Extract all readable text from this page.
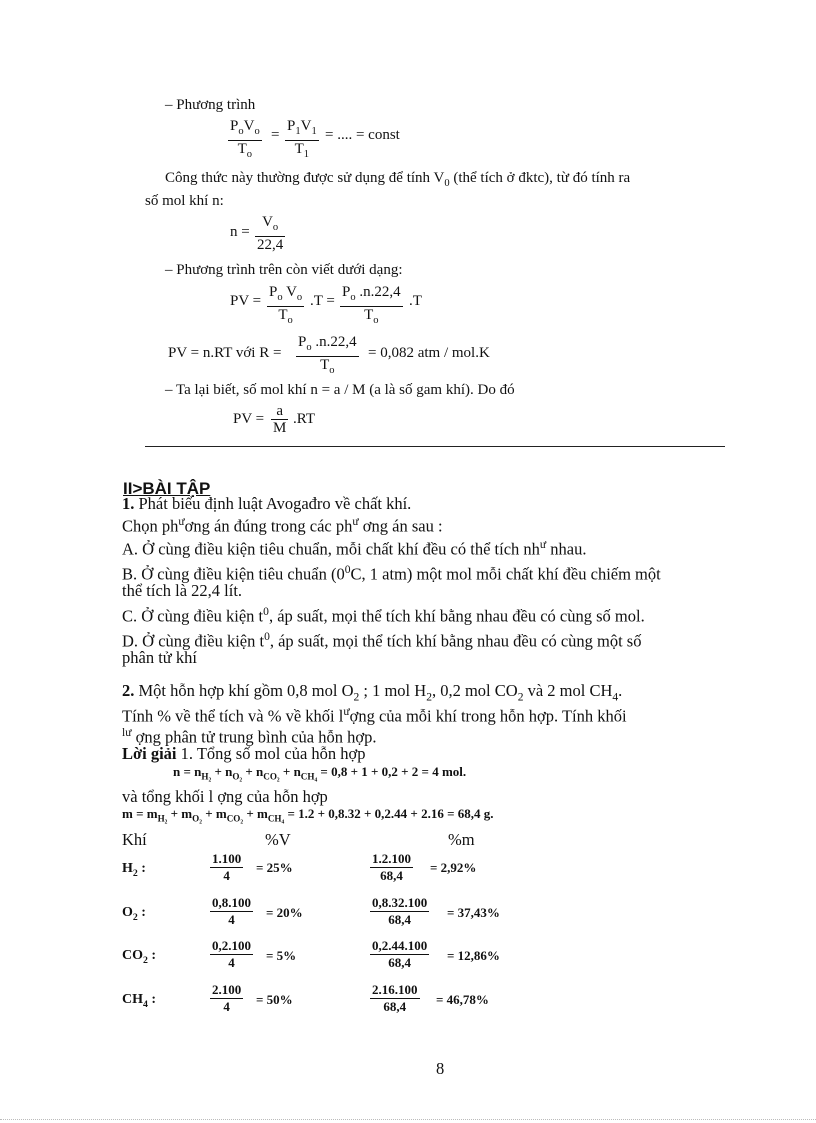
– Phương trình
$P_oV_o$
$T_o$
= $\frac{P_1V_1}{T_1}$ = .... = const
Công thức này thường được sử dụng để tính $V_0$ (thể tích ở đktc), từ đó tính ra
số mol khí n:
$n = \frac{V_o}{22,4}$
– Phương trình trên còn viết dưới dạng:
PV = $\frac{P_o V_o}{T_o} .T = \frac{P_o .n.22,4}{T_o} .T$
PV = n.RT với $R = \frac{P_o .n.22,4}{T_o} = 0,082$ atm / mol.K
– Ta lại biết, số mol khí n = a / M (a là số gam khí). Do đó
PV = $\frac{a}{M} .RT$
II>BÀI TẬP
1. Phát biểu định luật Avogađro về chất khí.
Chọn $ph^ương$ án đúng trong các $ph^ư$ ơng án sau :
A. Ở cùng điều kiện tiêu chuẩn, mỗi chất khí đều có thể tích $nh^ư$ nhau.
B. Ở cùng điều kiện tiêu chuẩn ($0^0C$, 1 atm) một mol mỗi chất khí đều chiếm một
thể tích là 22,4 lít.
C. Ở cùng điều kiện $t^0$, áp suất, mọi thể tích khí bằng nhau đều có cùng số mol.
D. Ở cùng điều kiện $t^0$, áp suất, mọi thể tích khí bằng nhau đều có cùng một số
phân tử khí
2. Một hỗn hợp khí gồm 0,8 mol $O_2$ ; 1 mol $H_2$, 0,2 mol $CO_2$ và 2 mol $CH_4$.
Tính % về thể tích và % về khối $l^ượng$ của mỗi khí trong hỗn hợp. Tính khối
$^{lư}$ ợng phân tử trung bình của hỗn hợp.
Lời giải 1. Tổng số mol của hỗn hợp
$n = n_{H_2} + n_{O_2} + n_{CO_2} + n_{CH_4} = 0,8 + 1 + 0,2 + 2 = 4$ mol.
và tổng khối l ợng của hỗn hợp
$m = m_{H_2} + m_{O_2} + m_{CO_2} + m_{CH_4} = 1.2 + 0,8.32 + 0,2.44 + 2.16 = 68,4$ g.
Khí	%V	%m
$H_2$ :	$\frac{1.100}{4} = 25\%$	$\frac{1.2.100}{68,4} = 2,92\%$
$O_2$ :	$\frac{0,8.100}{4} = 20\%$	$\frac{0,8.32.100}{68,4} = 37,43\%$
$CO_2$ :	$\frac{0,2.100}{4} = 5\%$	$\frac{0,2.44.100}{68,4} = 12,86\%$
$CH_4$ :	$\frac{2.100}{4} = 50\%$	$\frac{2.16.100}{68,4} = 46,78\%$
8
